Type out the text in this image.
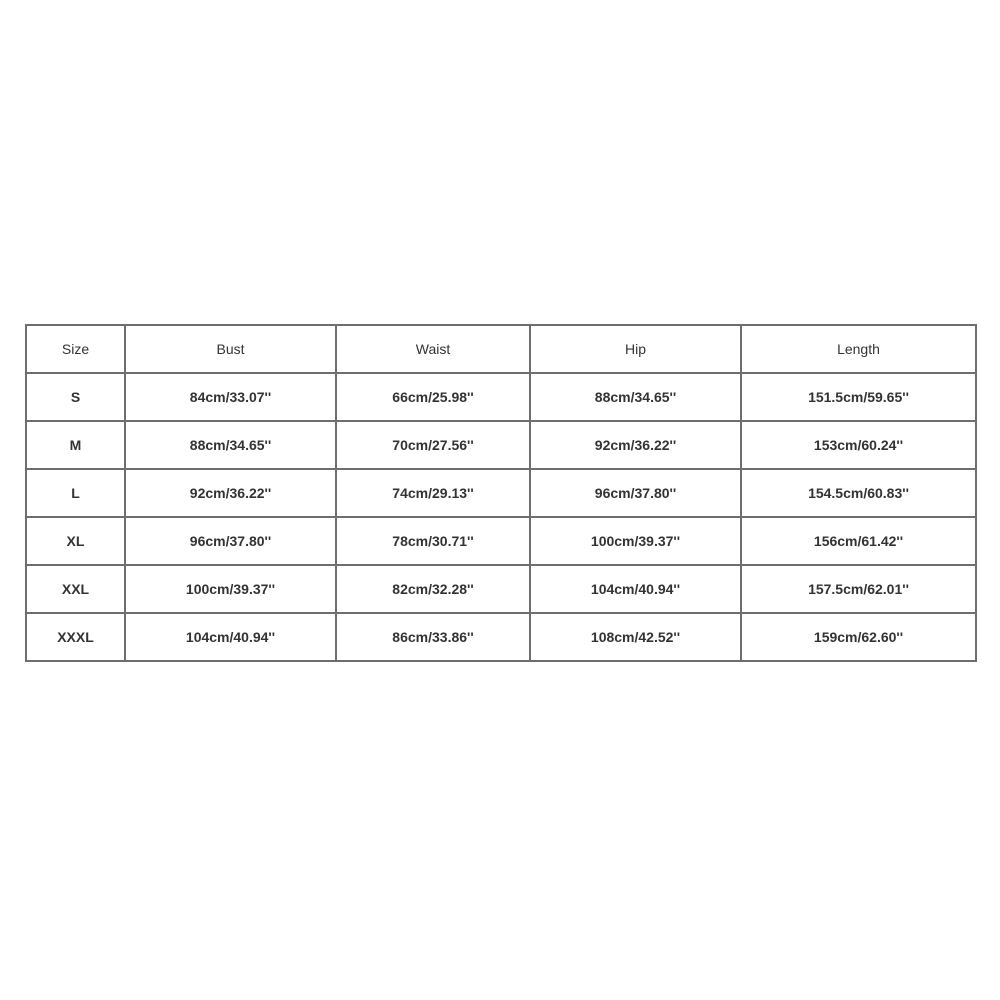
Size	Bust	Waist	Hip	Length
S	84cm/33.07''	66cm/25.98''	88cm/34.65''	151.5cm/59.65''
M	88cm/34.65''	70cm/27.56''	92cm/36.22''	153cm/60.24''
L	92cm/36.22''	74cm/29.13''	96cm/37.80''	154.5cm/60.83''
XL	96cm/37.80''	78cm/30.71''	100cm/39.37''	156cm/61.42''
XXL	100cm/39.37''	82cm/32.28''	104cm/40.94''	157.5cm/62.01''
XXXL	104cm/40.94''	86cm/33.86''	108cm/42.52''	159cm/62.60''
